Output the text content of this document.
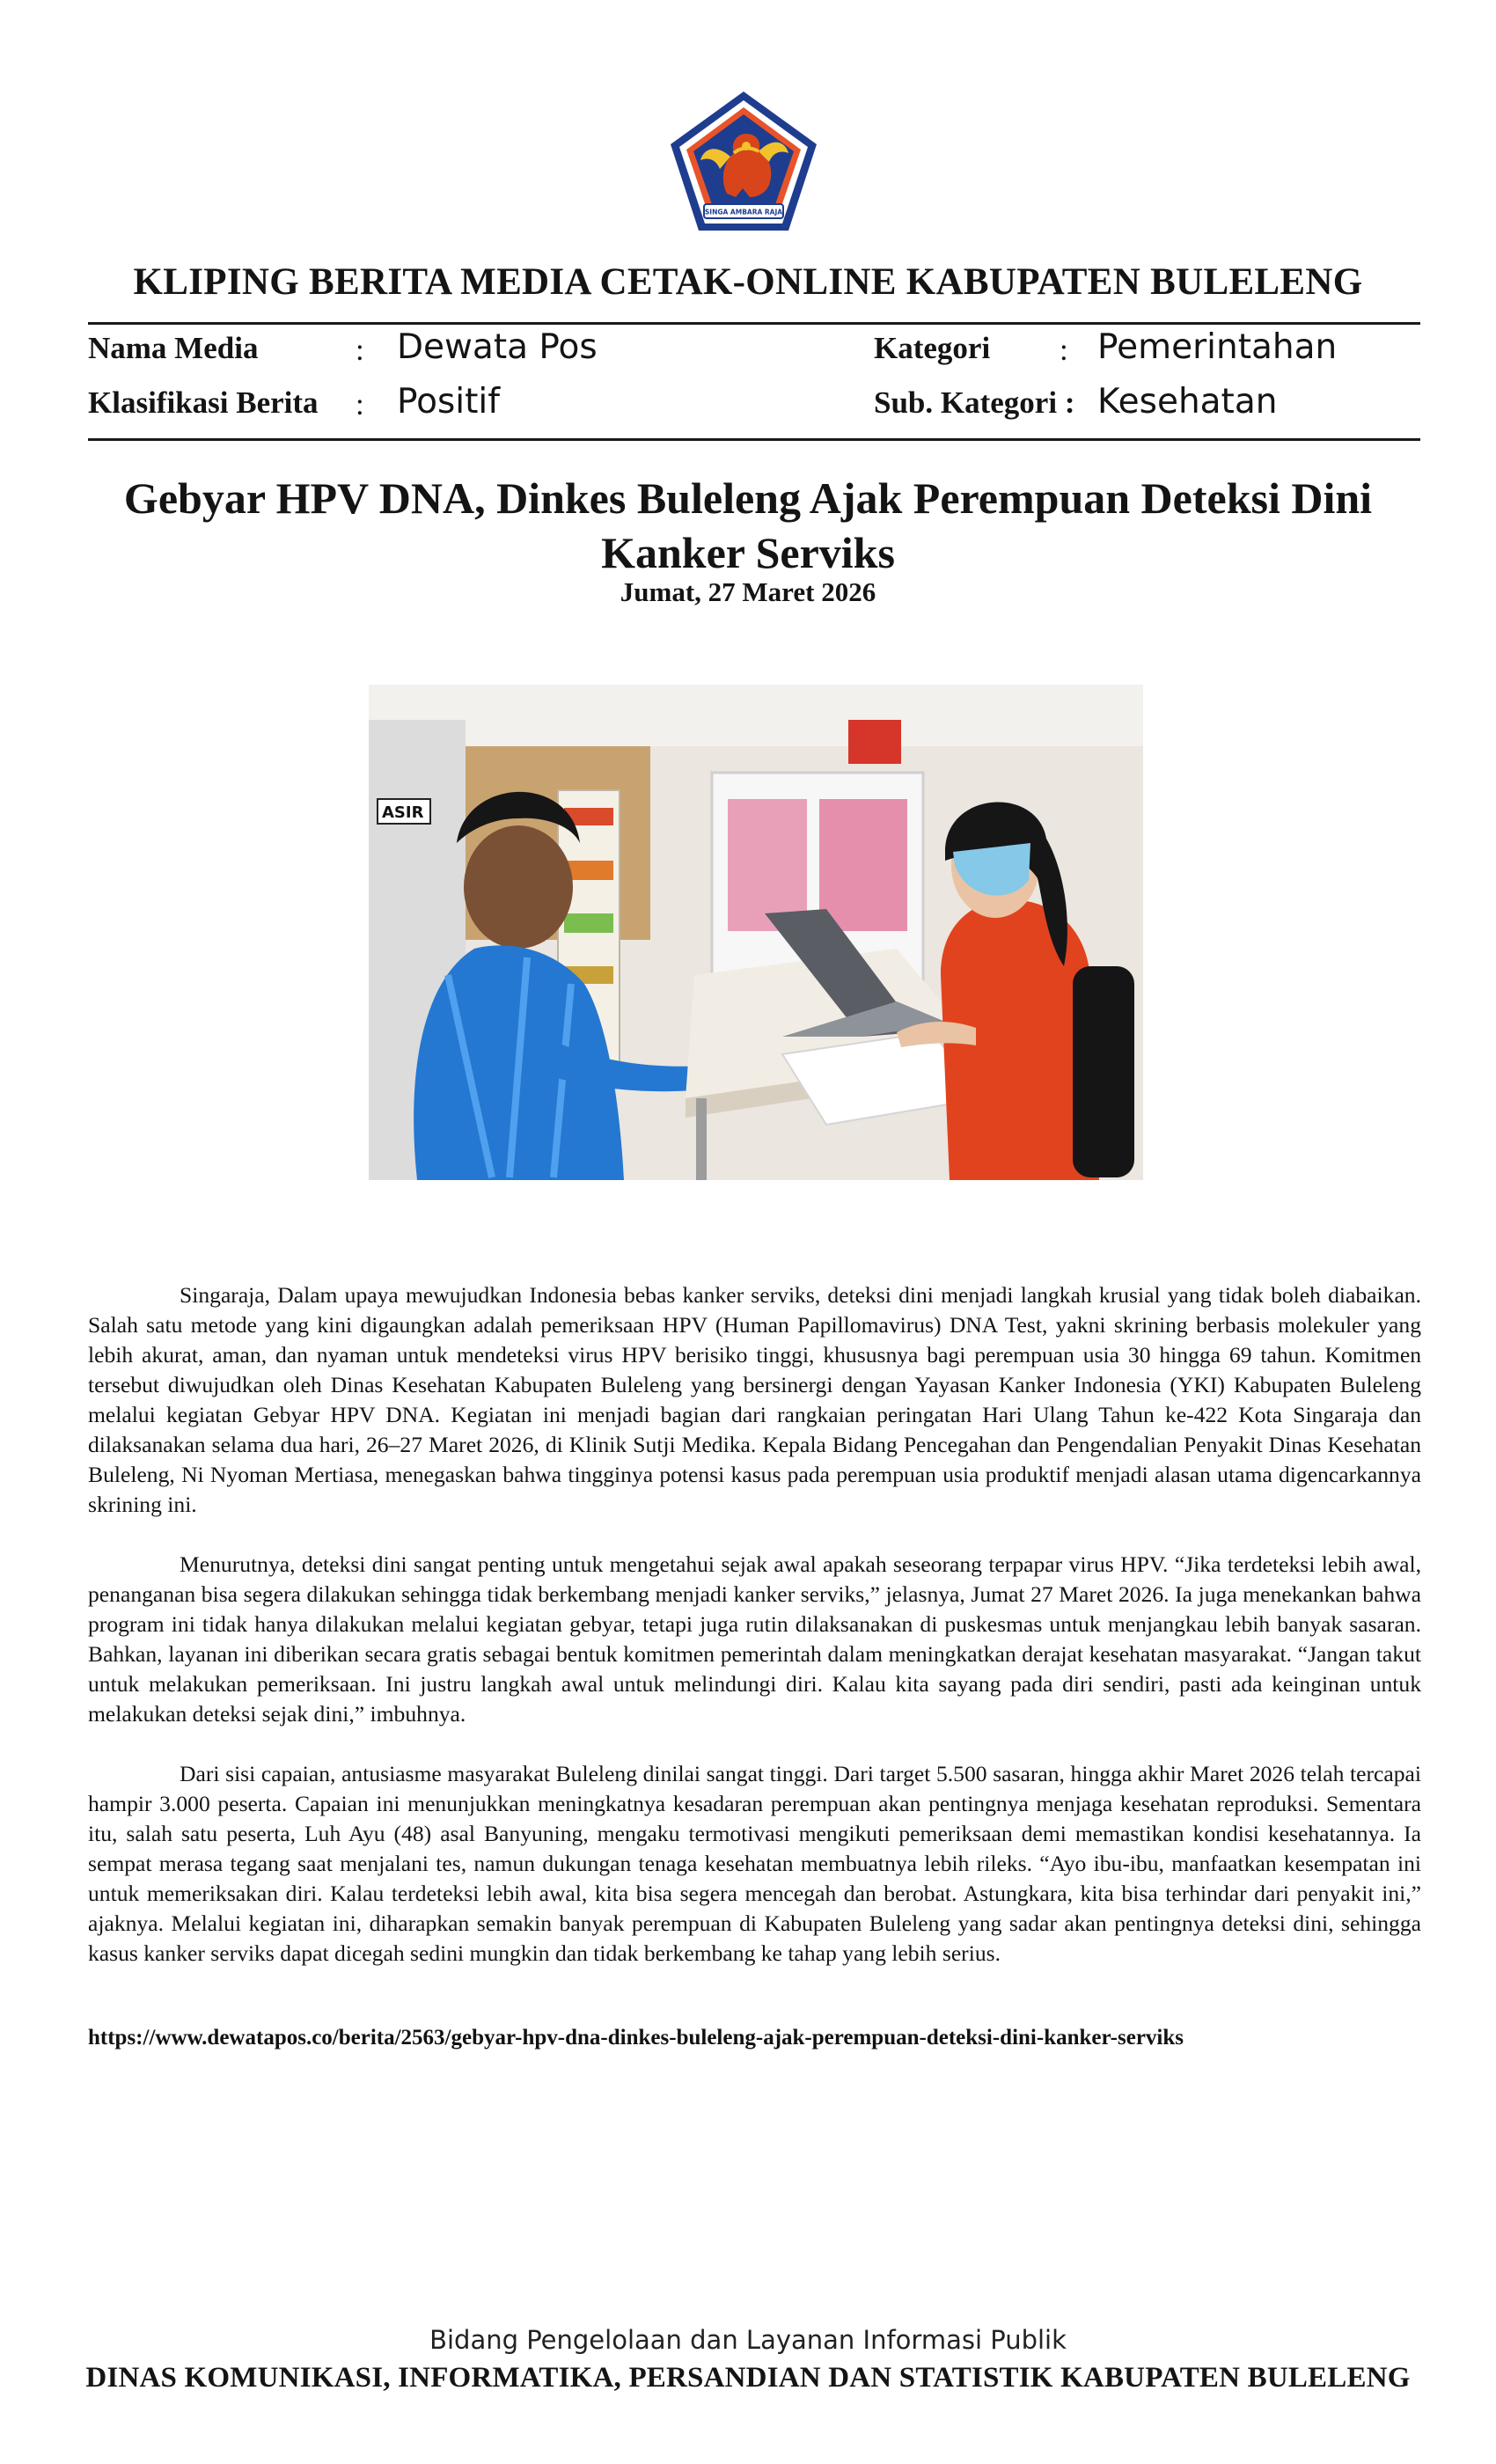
SINGA AMBARA RAJA
KLIPING BERITA MEDIA CETAK-ONLINE KABUPATEN BULELENG
Nama Media	: Dewata Pos	Kategori : Pemerintahan
Klasifikasi Berita : Positif	Sub. Kategori : Kesehatan
Gebyar HPV DNA, Dinkes Buleleng Ajak Perempuan Deteksi Dini Kanker Serviks
Jumat, 27 Maret 2026
ASIR

Singaraja, Dalam upaya mewujudkan Indonesia bebas kanker serviks, deteksi dini menjadi langkah krusial yang tidak boleh diabaikan. Salah satu metode yang kini digaungkan adalah pemeriksaan HPV (Human Papillomavirus) DNA Test, yakni skrining berbasis molekuler yang lebih akurat, aman, dan nyaman untuk mendeteksi virus HPV berisiko tinggi, khususnya bagi perempuan usia 30 hingga 69 tahun. Komitmen tersebut diwujudkan oleh Dinas Kesehatan Kabupaten Buleleng yang bersinergi dengan Yayasan Kanker Indonesia (YKI) Kabupaten Buleleng melalui kegiatan Gebyar HPV DNA. Kegiatan ini menjadi bagian dari rangkaian peringatan Hari Ulang Tahun ke-422 Kota Singaraja dan dilaksanakan selama dua hari, 26–27 Maret 2026, di Klinik Sutji Medika. Kepala Bidang Pencegahan dan Pengendalian Penyakit Dinas Kesehatan Buleleng, Ni Nyoman Mertiasa, menegaskan bahwa tingginya potensi kasus pada perempuan usia produktif menjadi alasan utama digencarkannya skrining ini.

Menurutnya, deteksi dini sangat penting untuk mengetahui sejak awal apakah seseorang terpapar virus HPV. “Jika terdeteksi lebih awal, penanganan bisa segera dilakukan sehingga tidak berkembang menjadi kanker serviks,” jelasnya, Jumat 27 Maret 2026. Ia juga menekankan bahwa program ini tidak hanya dilakukan melalui kegiatan gebyar, tetapi juga rutin dilaksanakan di puskesmas untuk menjangkau lebih banyak sasaran. Bahkan, layanan ini diberikan secara gratis sebagai bentuk komitmen pemerintah dalam meningkatkan derajat kesehatan masyarakat. “Jangan takut untuk melakukan pemeriksaan. Ini justru langkah awal untuk melindungi diri. Kalau kita sayang pada diri sendiri, pasti ada keinginan untuk melakukan deteksi sejak dini,” imbuhnya.

Dari sisi capaian, antusiasme masyarakat Buleleng dinilai sangat tinggi. Dari target 5.500 sasaran, hingga akhir Maret 2026 telah tercapai hampir 3.000 peserta. Capaian ini menunjukkan meningkatnya kesadaran perempuan akan pentingnya menjaga kesehatan reproduksi. Sementara itu, salah satu peserta, Luh Ayu (48) asal Banyuning, mengaku termotivasi mengikuti pemeriksaan demi memastikan kondisi kesehatannya. Ia sempat merasa tegang saat menjalani tes, namun dukungan tenaga kesehatan membuatnya lebih rileks. “Ayo ibu-ibu, manfaatkan kesempatan ini untuk memeriksakan diri. Kalau terdeteksi lebih awal, kita bisa segera mencegah dan berobat. Astungkara, kita bisa terhindar dari penyakit ini,” ajaknya. Melalui kegiatan ini, diharapkan semakin banyak perempuan di Kabupaten Buleleng yang sadar akan pentingnya deteksi dini, sehingga kasus kanker serviks dapat dicegah sedini mungkin dan tidak berkembang ke tahap yang lebih serius.

https://www.dewatapos.co/berita/2563/gebyar-hpv-dna-dinkes-buleleng-ajak-perempuan-deteksi-dini-kanker-serviks
Bidang Pengelolaan dan Layanan Informasi Publik
DINAS KOMUNIKASI, INFORMATIKA, PERSANDIAN DAN STATISTIK KABUPATEN BULELENG
